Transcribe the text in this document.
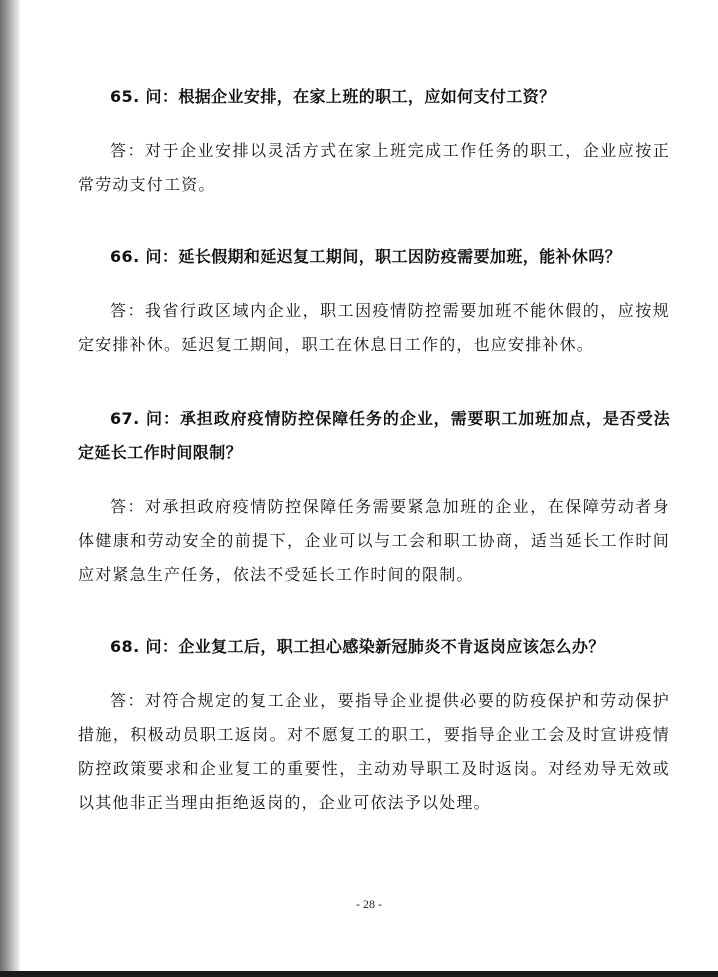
65. 问：根据企业安排，在家上班的职工，应如何支付工资？

答：对于企业安排以灵活方式在家上班完成工作任务的职工，企业应按正常劳动支付工资。

66. 问：延长假期和延迟复工期间，职工因防疫需要加班，能补休吗？

答：我省行政区域内企业，职工因疫情防控需要加班不能休假的，应按规定安排补休。延迟复工期间，职工在休息日工作的，也应安排补休。

67. 问：承担政府疫情防控保障任务的企业，需要职工加班加点，是否受法定延长工作时间限制？

答：对承担政府疫情防控保障任务需要紧急加班的企业，在保障劳动者身体健康和劳动安全的前提下，企业可以与工会和职工协商，适当延长工作时间应对紧急生产任务，依法不受延长工作时间的限制。

68. 问：企业复工后，职工担心感染新冠肺炎不肯返岗应该怎么办？

答：对符合规定的复工企业，要指导企业提供必要的防疫保护和劳动保护措施，积极动员职工返岗。对不愿复工的职工，要指导企业工会及时宣讲疫情防控政策要求和企业复工的重要性，主动劝导职工及时返岗。对经劝导无效或以其他非正当理由拒绝返岗的，企业可依法予以处理。

- 28 -
